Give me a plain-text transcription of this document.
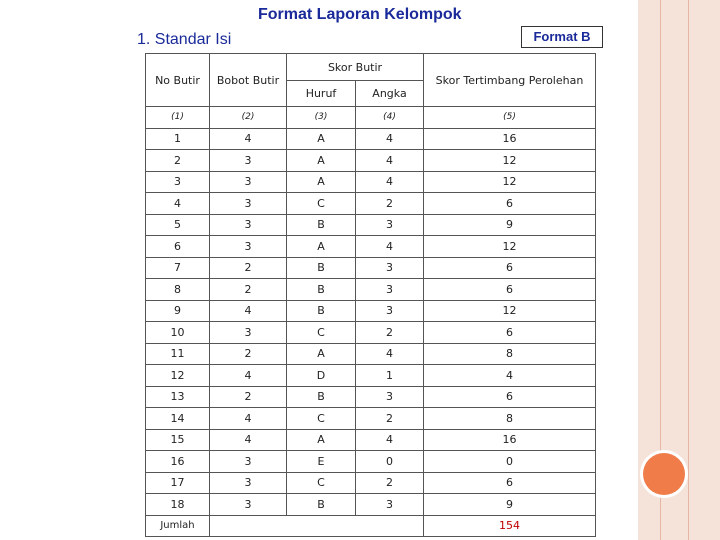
Format Laporan Kelompok
1. Standar Isi	Format B
No Butir	Bobot Butir	Skor Butir		Skor Tertimbang Perolehan
		Huruf	Angka	
(1)	(2)	(3)	(4)	(5)
1	4	A	4	16
2	3	A	4	12
3	3	A	4	12
4	3	C	2	6
5	3	B	3	9
6	3	A	4	12
7	2	B	3	6
8	2	B	3	6
9	4	B	3	12
10	3	C	2	6
11	2	A	4	8
12	4	D	1	4
13	2	B	3	6
14	4	C	2	8
15	4	A	4	16
16	3	E	0	0
17	3	C	2	6
18	3	B	3	9
Jumlah				154
